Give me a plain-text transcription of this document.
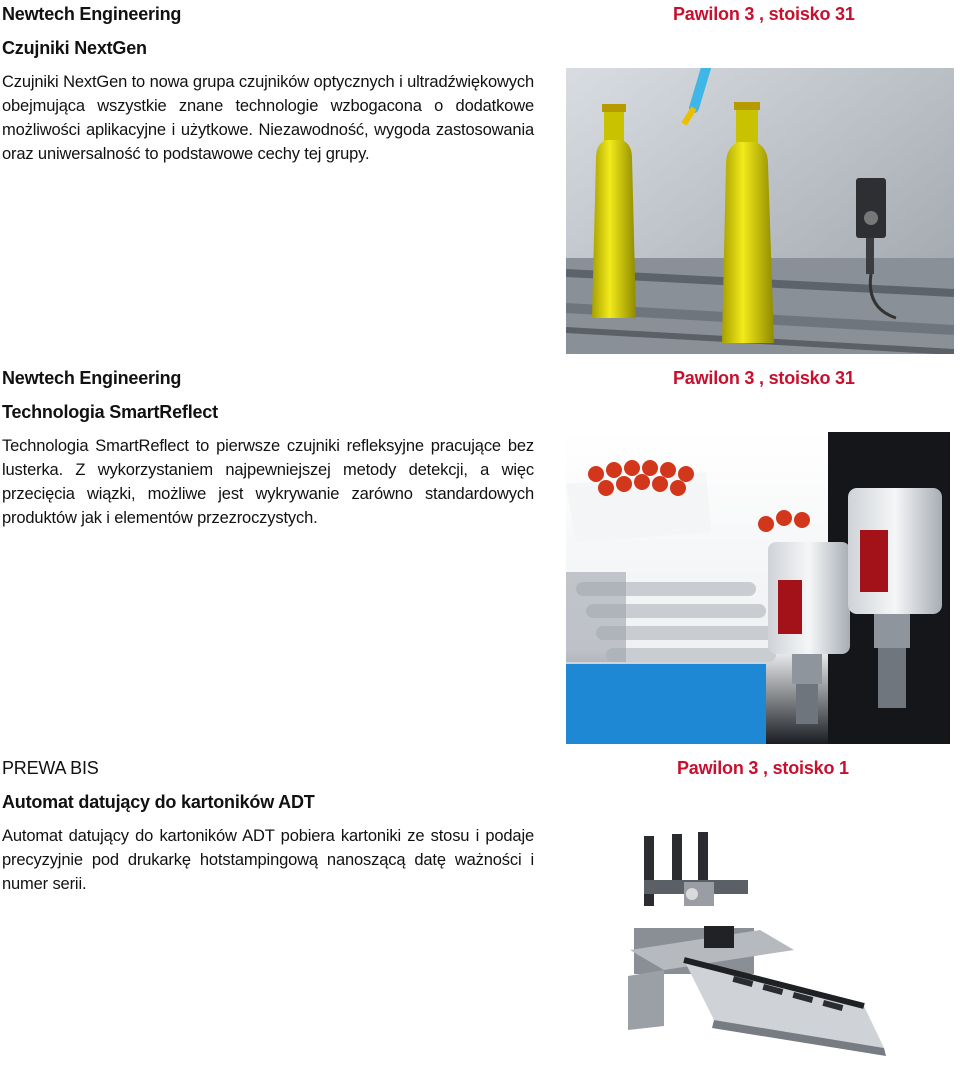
Newtech Engineering	Pawilon 3 , stoisko 31
Czujniki NextGen
Czujniki NextGen to nowa grupa czujników optycznych i ultradźwiękowych obejmująca wszystkie znane technologie wzbogacona o dodatkowe możliwości aplikacyjne i użytkowe. Niezawodność, wygoda zastosowania oraz uniwersalność to podstawowe cechy tej grupy.
Newtech Engineering	Pawilon 3 , stoisko 31
Technologia SmartReflect
Technologia SmartReflect to pierwsze czujniki refleksyjne pracujące bez lusterka. Z wykorzystaniem najpewniejszej metody detekcji, a więc przecięcia wiązki, możliwe jest wykrywanie zarówno standardowych produktów jak i elementów przezroczystych.
PREWA BIS	Pawilon 3 , stoisko 1
Automat datujący do kartoników ADT
Automat datujący do kartoników ADT pobiera kartoniki ze stosu i podaje precyzyjnie pod drukarkę hotstampingową nanoszącą datę ważności i numer serii.
